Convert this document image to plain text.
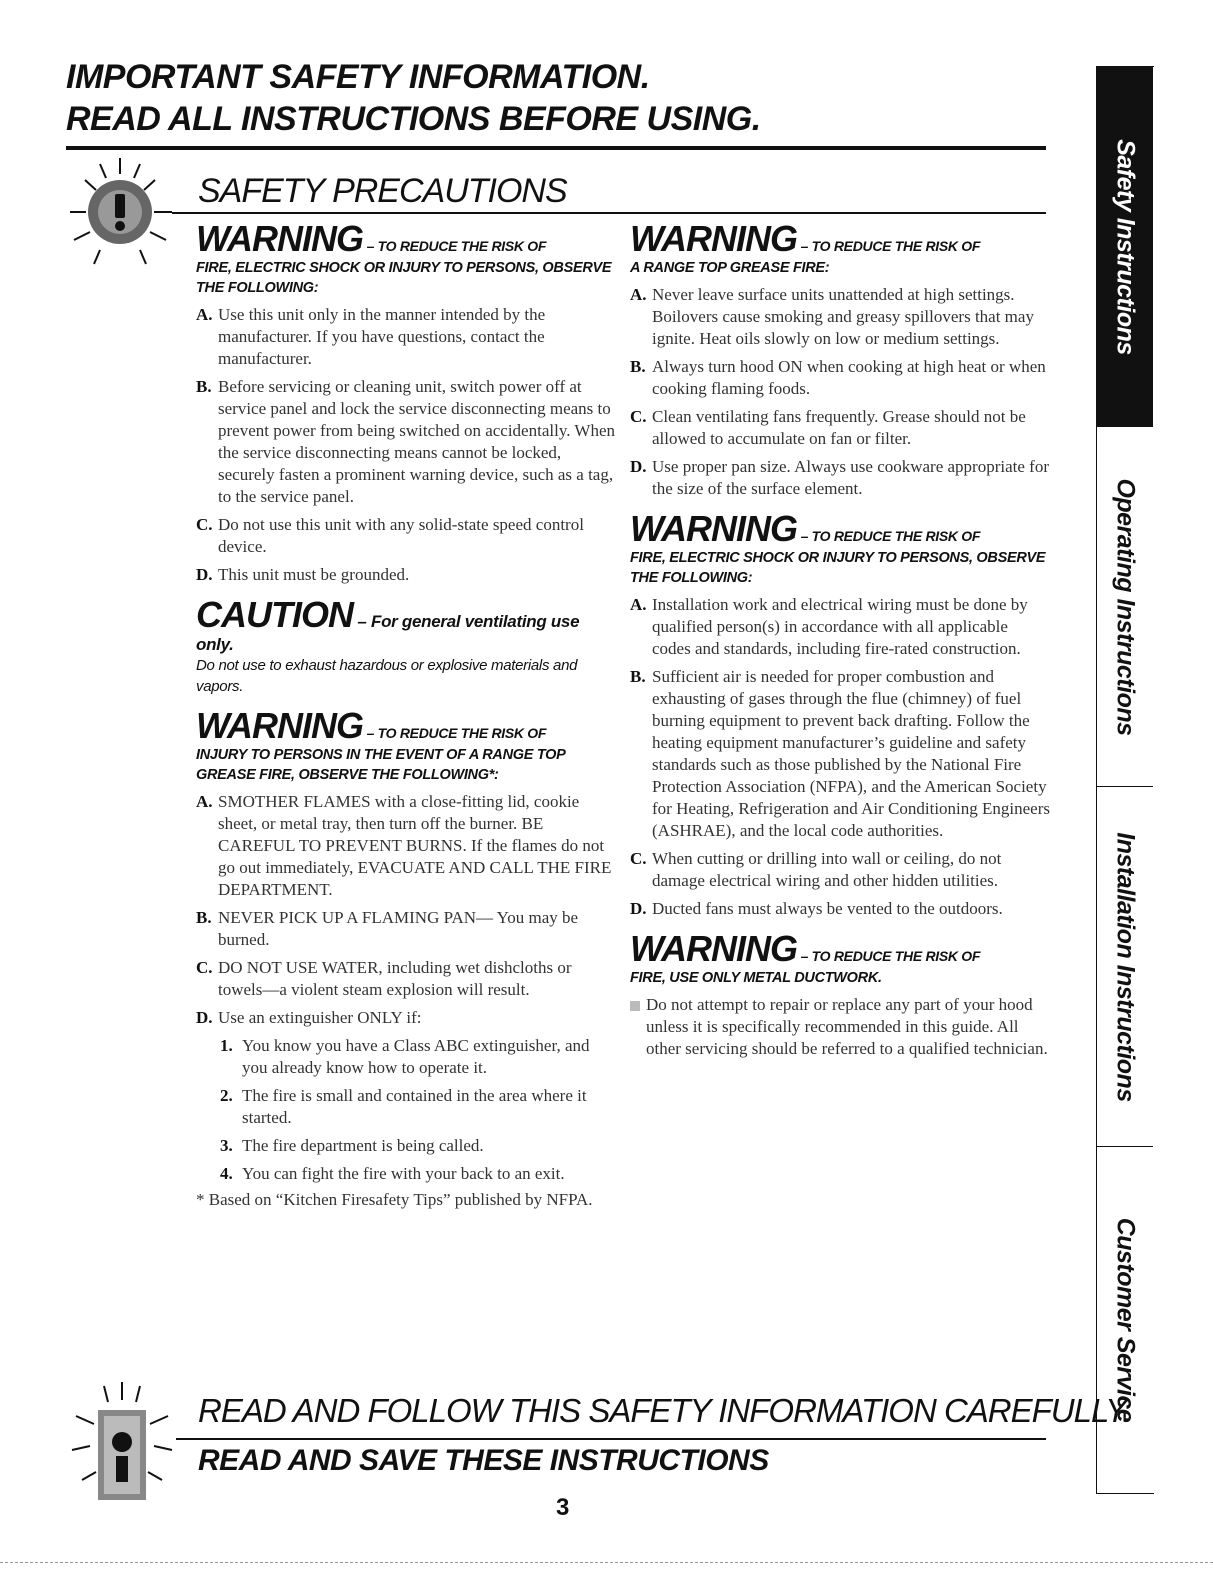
IMPORTANT SAFETY INFORMATION.
READ ALL INSTRUCTIONS BEFORE USING.
SAFETY PRECAUTIONS
WARNING – TO REDUCE THE RISK OF
FIRE, ELECTRIC SHOCK OR INJURY TO PERSONS, OBSERVE THE FOLLOWING:
A. Use this unit only in the manner intended by the manufacturer. If you have questions, contact the manufacturer.
B. Before servicing or cleaning unit, switch power off at service panel and lock the service disconnecting means to prevent power from being switched on accidentally. When the service disconnecting means cannot be locked, securely fasten a prominent warning device, such as a tag, to the service panel.
C. Do not use this unit with any solid-state speed control device.
D. This unit must be grounded.
CAUTION – For general ventilating use only.
Do not use to exhaust hazardous or explosive materials and vapors.
WARNING – TO REDUCE THE RISK OF
INJURY TO PERSONS IN THE EVENT OF A RANGE TOP GREASE FIRE, OBSERVE THE FOLLOWING*:
A. SMOTHER FLAMES with a close-fitting lid, cookie sheet, or metal tray, then turn off the burner. BE CAREFUL TO PREVENT BURNS. If the flames do not go out immediately, EVACUATE AND CALL THE FIRE DEPARTMENT.
B. NEVER PICK UP A FLAMING PAN— You may be burned.
C. DO NOT USE WATER, including wet dishcloths or towels—a violent steam explosion will result.
D. Use an extinguisher ONLY if:
1. You know you have a Class ABC extinguisher, and you already know how to operate it.
2. The fire is small and contained in the area where it started.
3. The fire department is being called.
4. You can fight the fire with your back to an exit.
* Based on “Kitchen Firesafety Tips” published by NFPA.
WARNING – TO REDUCE THE RISK OF
A RANGE TOP GREASE FIRE:
A. Never leave surface units unattended at high settings. Boilovers cause smoking and greasy spillovers that may ignite. Heat oils slowly on low or medium settings.
B. Always turn hood ON when cooking at high heat or when cooking flaming foods.
C. Clean ventilating fans frequently. Grease should not be allowed to accumulate on fan or filter.
D. Use proper pan size. Always use cookware appropriate for the size of the surface element.
WARNING – TO REDUCE THE RISK OF
FIRE, ELECTRIC SHOCK OR INJURY TO PERSONS, OBSERVE THE FOLLOWING:
A. Installation work and electrical wiring must be done by qualified person(s) in accordance with all applicable codes and standards, including fire-rated construction.
B. Sufficient air is needed for proper combustion and exhausting of gases through the flue (chimney) of fuel burning equipment to prevent back drafting. Follow the heating equipment manufacturer’s guideline and safety standards such as those published by the National Fire Protection Association (NFPA), and the American Society for Heating, Refrigeration and Air Conditioning Engineers (ASHRAE), and the local code authorities.
C. When cutting or drilling into wall or ceiling, do not damage electrical wiring and other hidden utilities.
D. Ducted fans must always be vented to the outdoors.
WARNING – TO REDUCE THE RISK OF
FIRE, USE ONLY METAL DUCTWORK.
Do not attempt to repair or replace any part of your hood unless it is specifically recommended in this guide. All other servicing should be referred to a qualified technician.
READ AND FOLLOW THIS SAFETY INFORMATION CAREFULLY.
READ AND SAVE THESE INSTRUCTIONS
3
Safety Instructions
Operating Instructions
Installation Instructions
Customer Service
